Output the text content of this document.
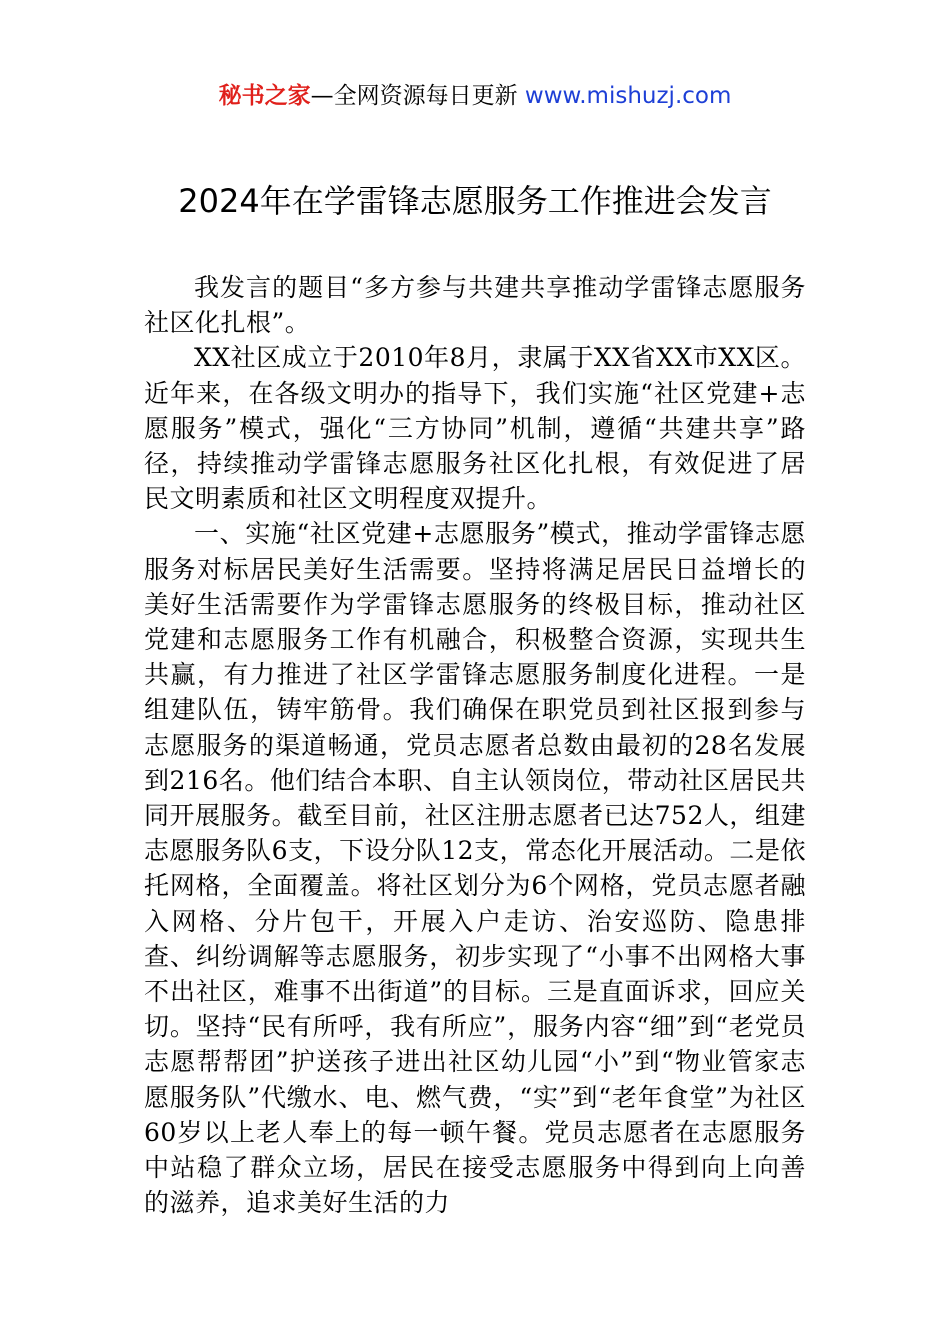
秘书之家—全网资源每日更新 www.mishuzj.com
2024年在学雷锋志愿服务工作推进会发言

我发言的题目“多方参与共建共享推动学雷锋志愿服务社区化扎根”。

XX社区成立于2010年8月，隶属于XX省XX市XX区。近年来，在各级文明办的指导下，我们实施“社区党建+志愿服务”模式，强化“三方协同”机制，遵循“共建共享”路径，持续推动学雷锋志愿服务社区化扎根，有效促进了居民文明素质和社区文明程度双提升。

一、实施“社区党建+志愿服务”模式，推动学雷锋志愿服务对标居民美好生活需要。坚持将满足居民日益增长的美好生活需要作为学雷锋志愿服务的终极目标，推动社区党建和志愿服务工作有机融合，积极整合资源，实现共生共赢，有力推进了社区学雷锋志愿服务制度化进程。一是组建队伍，铸牢筋骨。我们确保在职党员到社区报到参与志愿服务的渠道畅通，党员志愿者总数由最初的28名发展到216名。他们结合本职、自主认领岗位，带动社区居民共同开展服务。截至目前，社区注册志愿者已达752人，组建志愿服务队6支，下设分队12支，常态化开展活动。二是依托网格，全面覆盖。将社区划分为6个网格，党员志愿者融入网格、分片包干，开展入户走访、治安巡防、隐患排查、纠纷调解等志愿服务，初步实现了“小事不出网格大事不出社区，难事不出街道”的目标。三是直面诉求，回应关切。坚持“民有所呼，我有所应”，服务内容“细”到“老党员志愿帮帮团”护送孩子进出社区幼儿园“小”到“物业管家志愿服务队”代缴水、电、燃气费，“实”到“老年食堂”为社区60岁以上老人奉上的每一顿午餐。党员志愿者在志愿服务中站稳了群众立场，居民在接受志愿服务中得到向上向善的滋养，追求美好生活的力
